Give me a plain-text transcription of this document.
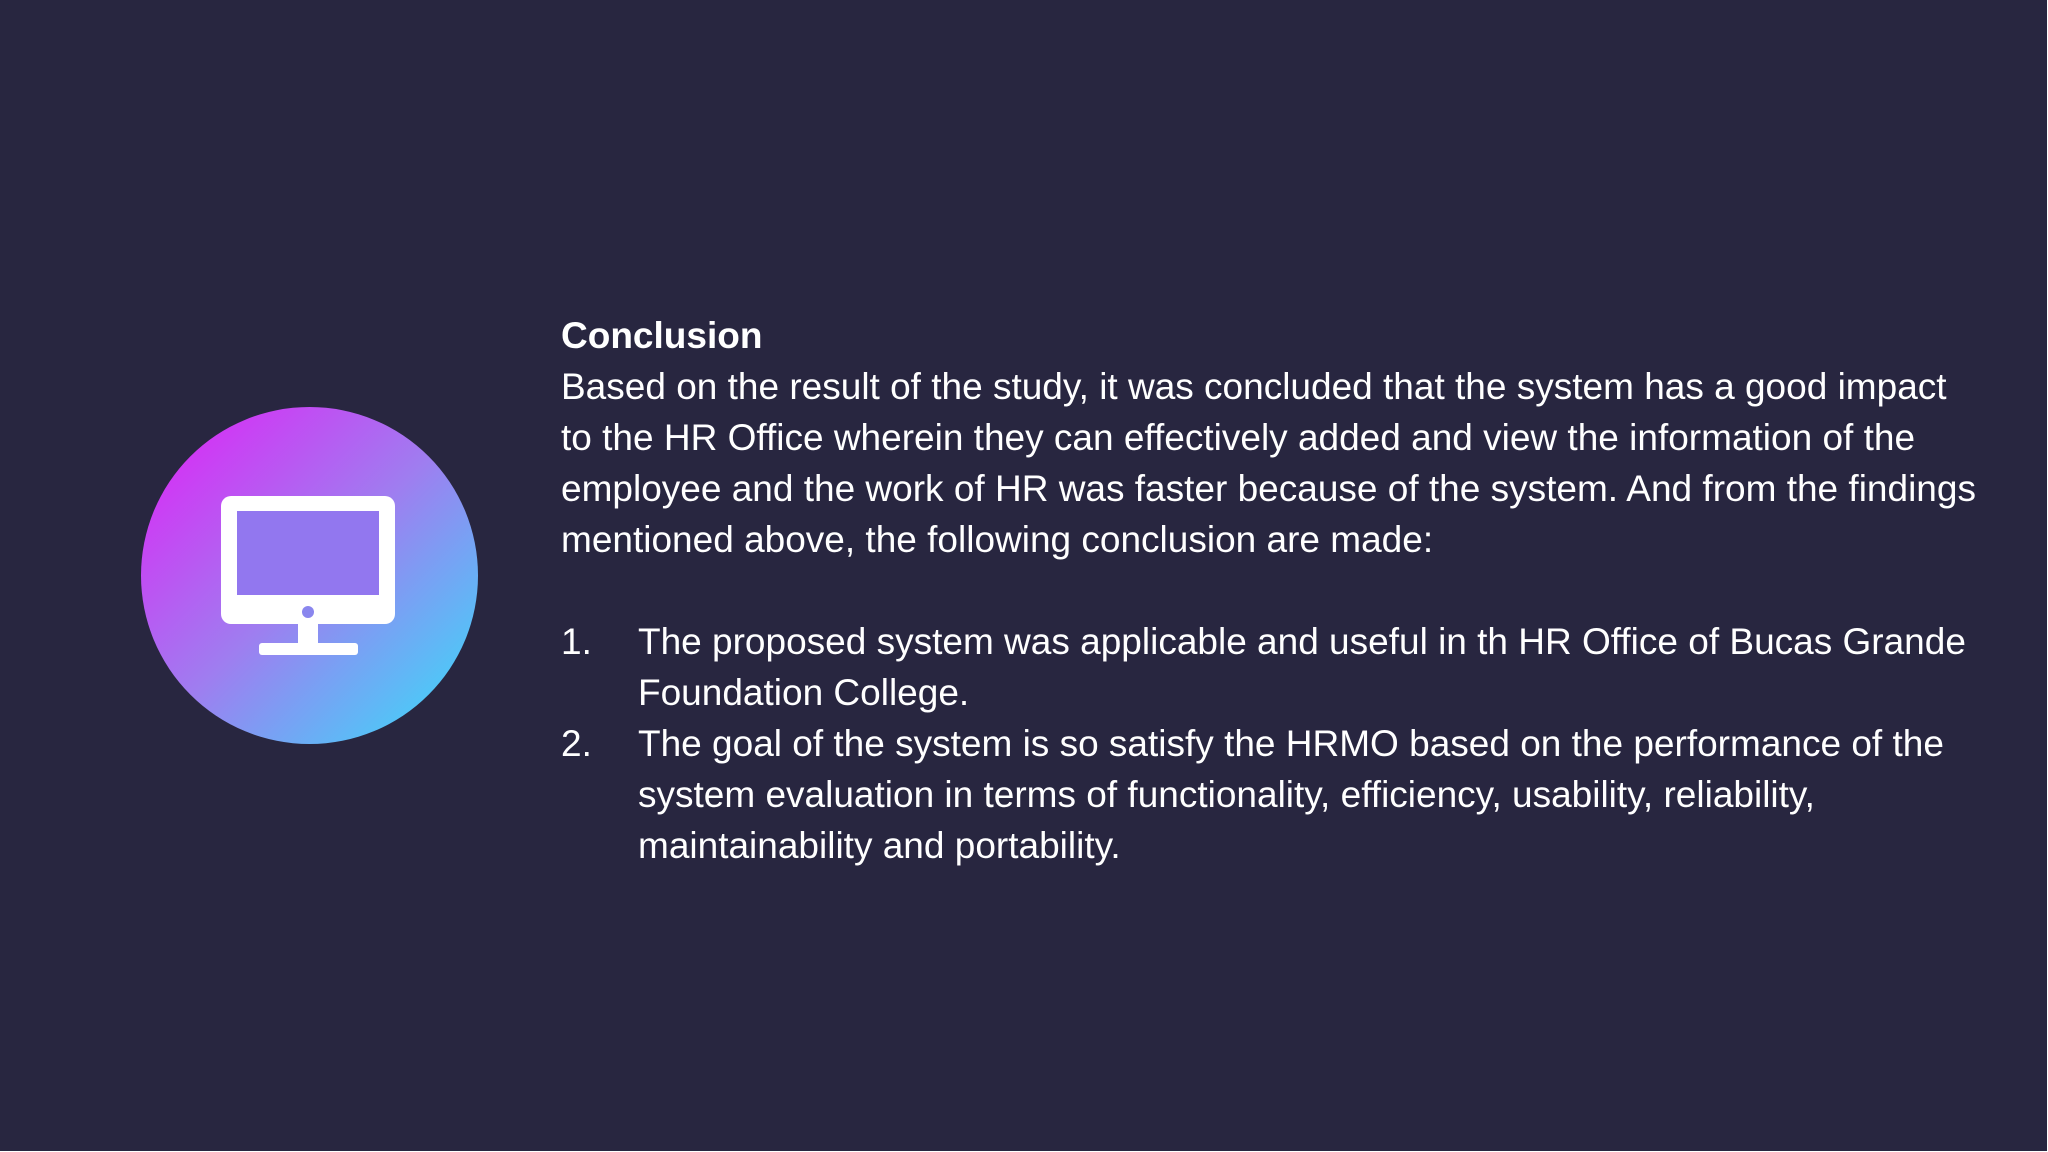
Conclusion

Based on the result of the study, it was concluded that the system has a good impact to the HR Office wherein they can effectively added and view the information of the employee and the work of HR was faster because of the system. And from the findings mentioned above, the following conclusion are made:

1. The proposed system was applicable and useful in th HR Office of Bucas Grande Foundation College.
2. The goal of the system is so satisfy the HRMO based on the performance of the system evaluation in terms of functionality, efficiency, usability, reliability, maintainability and portability.
